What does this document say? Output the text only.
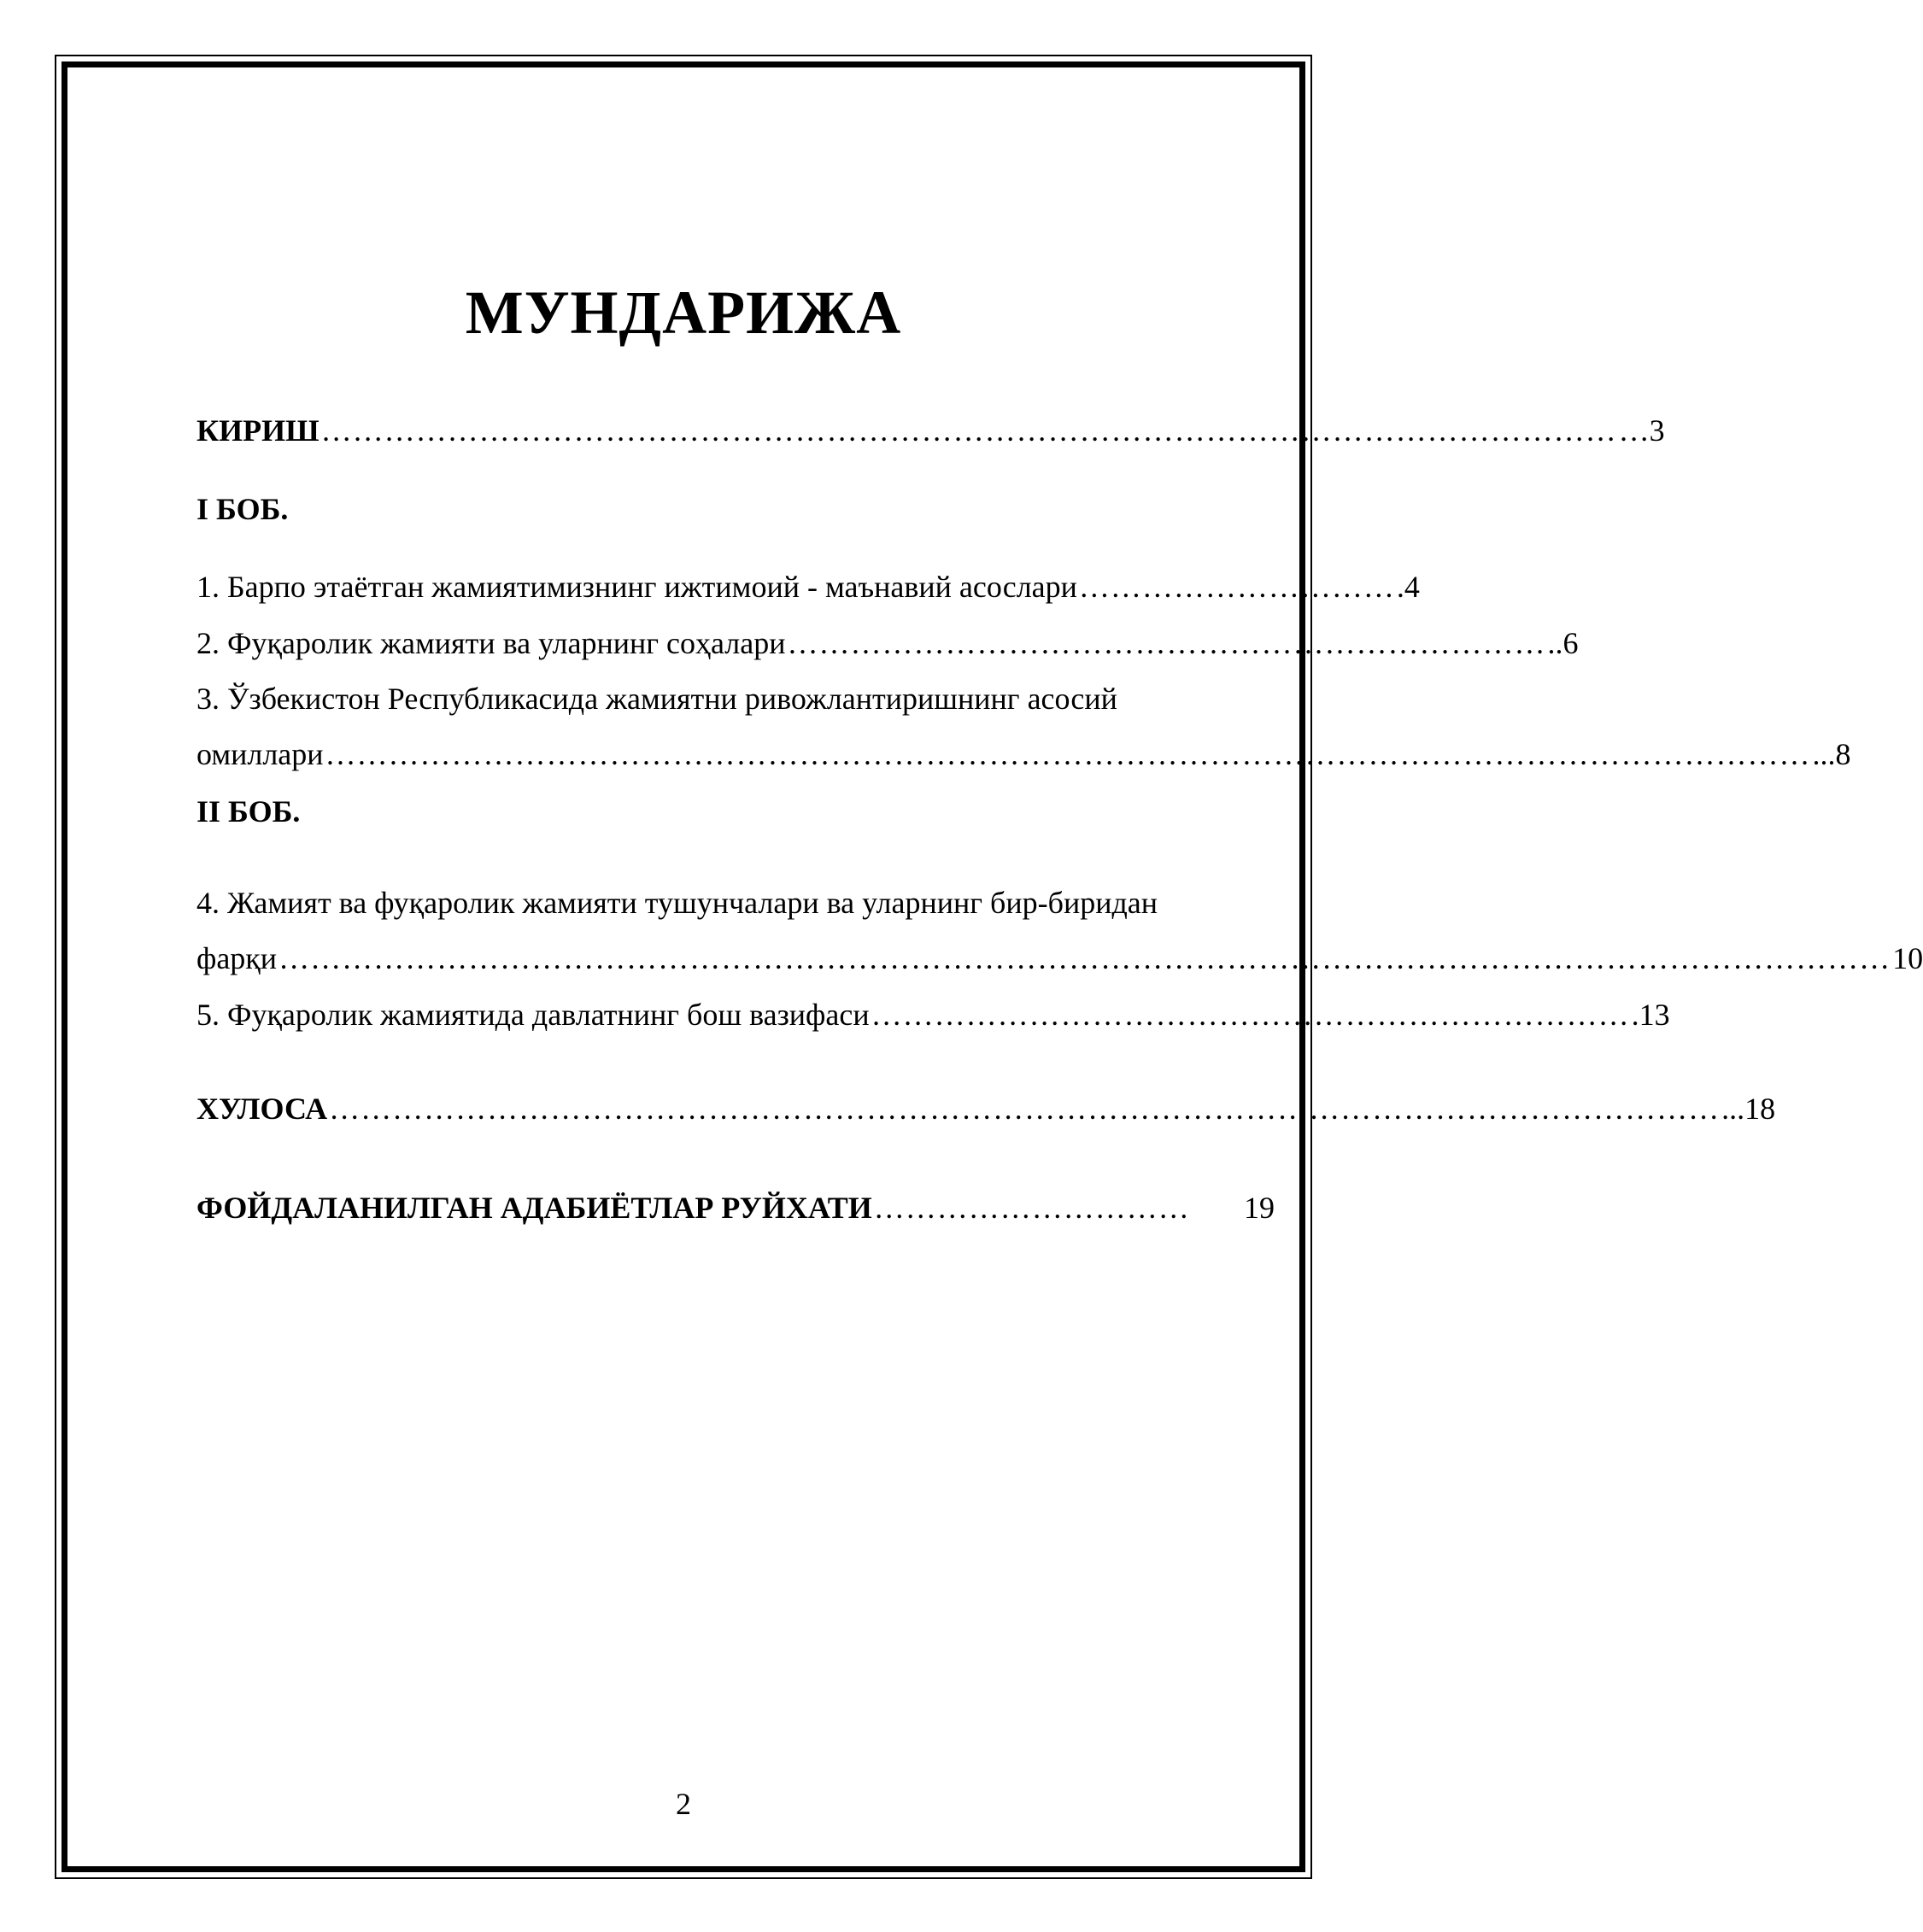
МУНДАРИЖА
КИРИШ …………………………………………………………………………………………………………… …3
I БОБ.
1. Барпо этаётган жамиятимизнинг ижтимоий - маънавий асослари ………………………… .4
2. Фуқаролик жамияти ва уларнинг соҳалари ……………………………………………………………… ..6
3. Ўзбекистон Республикасида жамиятни ривожлантиришнинг асосий
омиллари …………………………………………………………………………………………………………………………… ...8
II БОБ.
4. Жамият ва фуқаролик жамияти тушунчалари ва уларнинг бир-биридан
фарқи ……………………………………………………………………………………………………………………………………… 10
5. Фуқаролик жамиятида давлатнинг бош вазифаси ……………………………………………………………… .13
ХУЛОСА …………………………………………………………………………………………………………………… ...18
ФОЙДАЛАНИЛГАН АДАБИЁТЛАР РУЙХАТИ …………………………	19
2
